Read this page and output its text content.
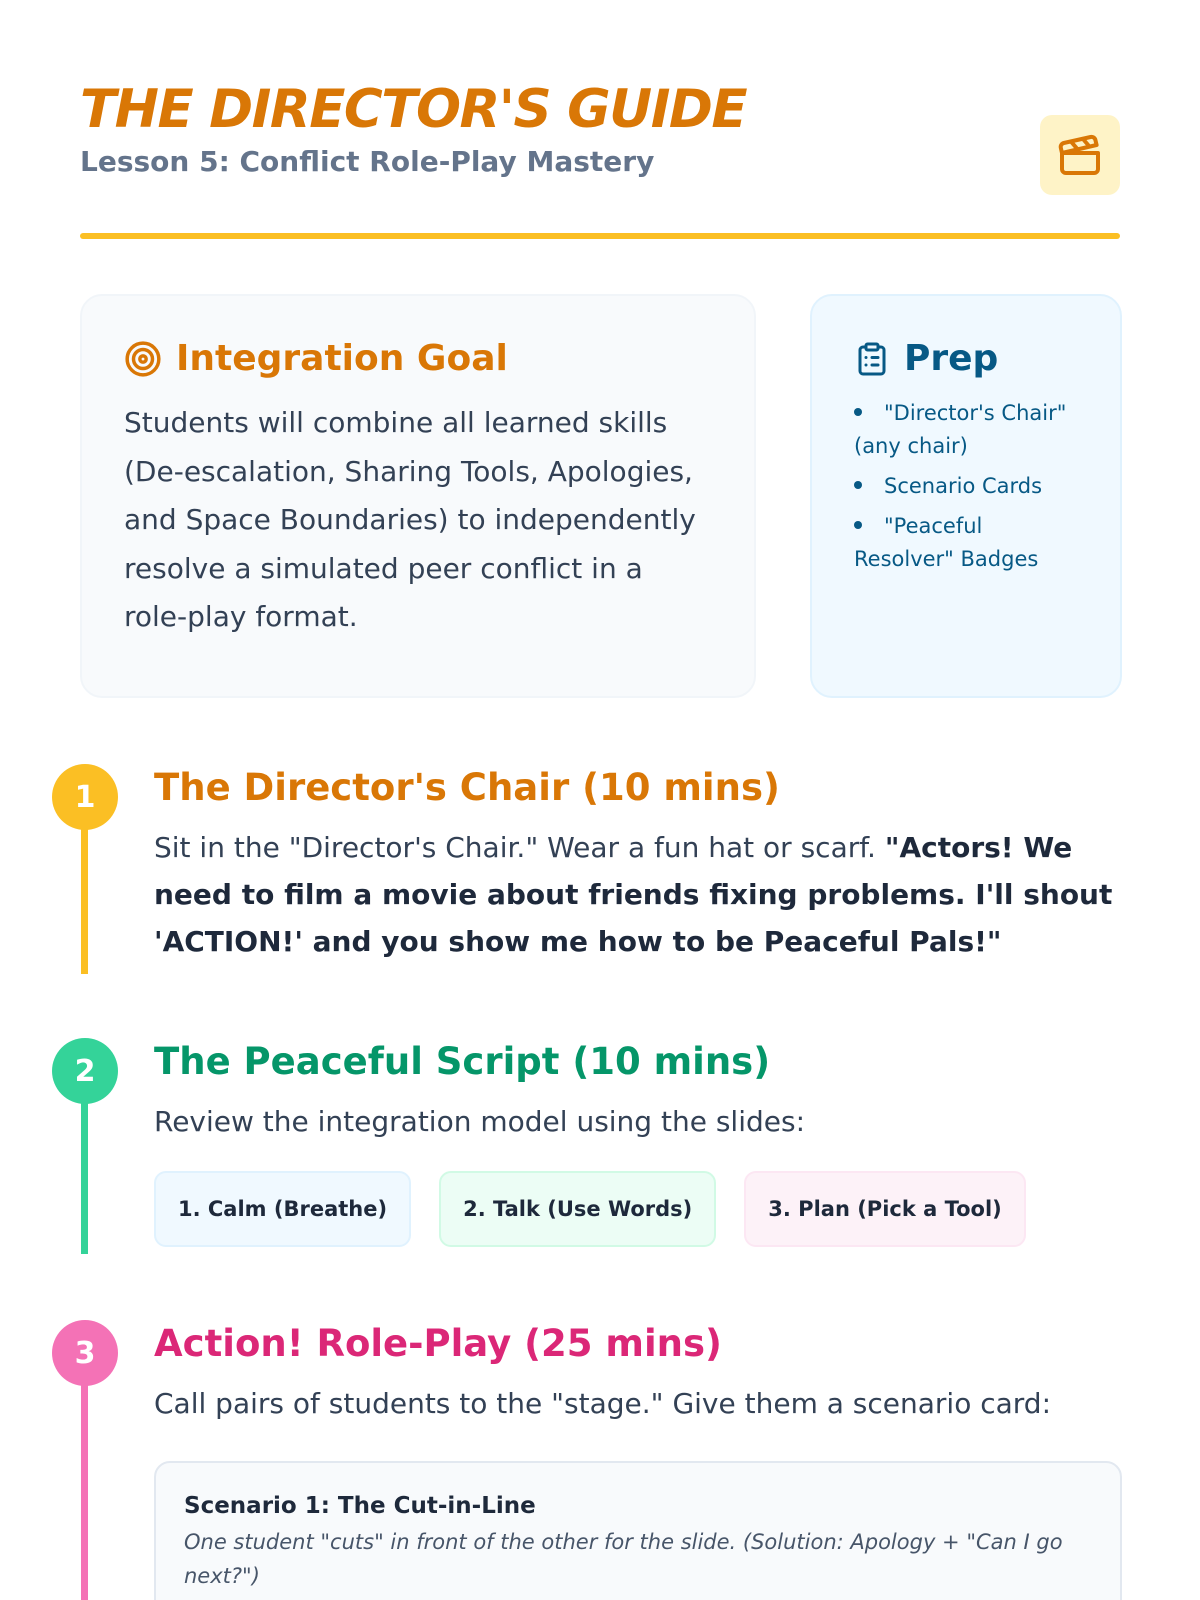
THE DIRECTOR'S GUIDE
Lesson 5: Conflict Role-Play Mastery
Integration Goal

Students will combine all learned skills (De-escalation, Sharing Tools, Apologies, and Space Boundaries) to independently resolve a simulated peer conflict in a role-play format.

Prep
"Director's Chair" (any chair)
Scenario Cards
"Peaceful Resolver" Badges
1	The Director's Chair (10 mins)

Sit in the "Director's Chair." Wear a fun hat or scarf. "Actors! We need to film a movie about friends fixing problems. I'll shout 'ACTION!' and you show me how to be Peaceful Pals!"

2	The Peaceful Script (10 mins)

Review the integration model using the slides:

1. Calm (Breathe)	2. Talk (Use Words)	3. Plan (Pick a Tool)
3	Action! Role-Play (25 mins)

Call pairs of students to the "stage." Give them a scenario card:

Scenario 1: The Cut-in-Line
One student "cuts" in front of the other for the slide. (Solution: Apology + "Can I go next?")
